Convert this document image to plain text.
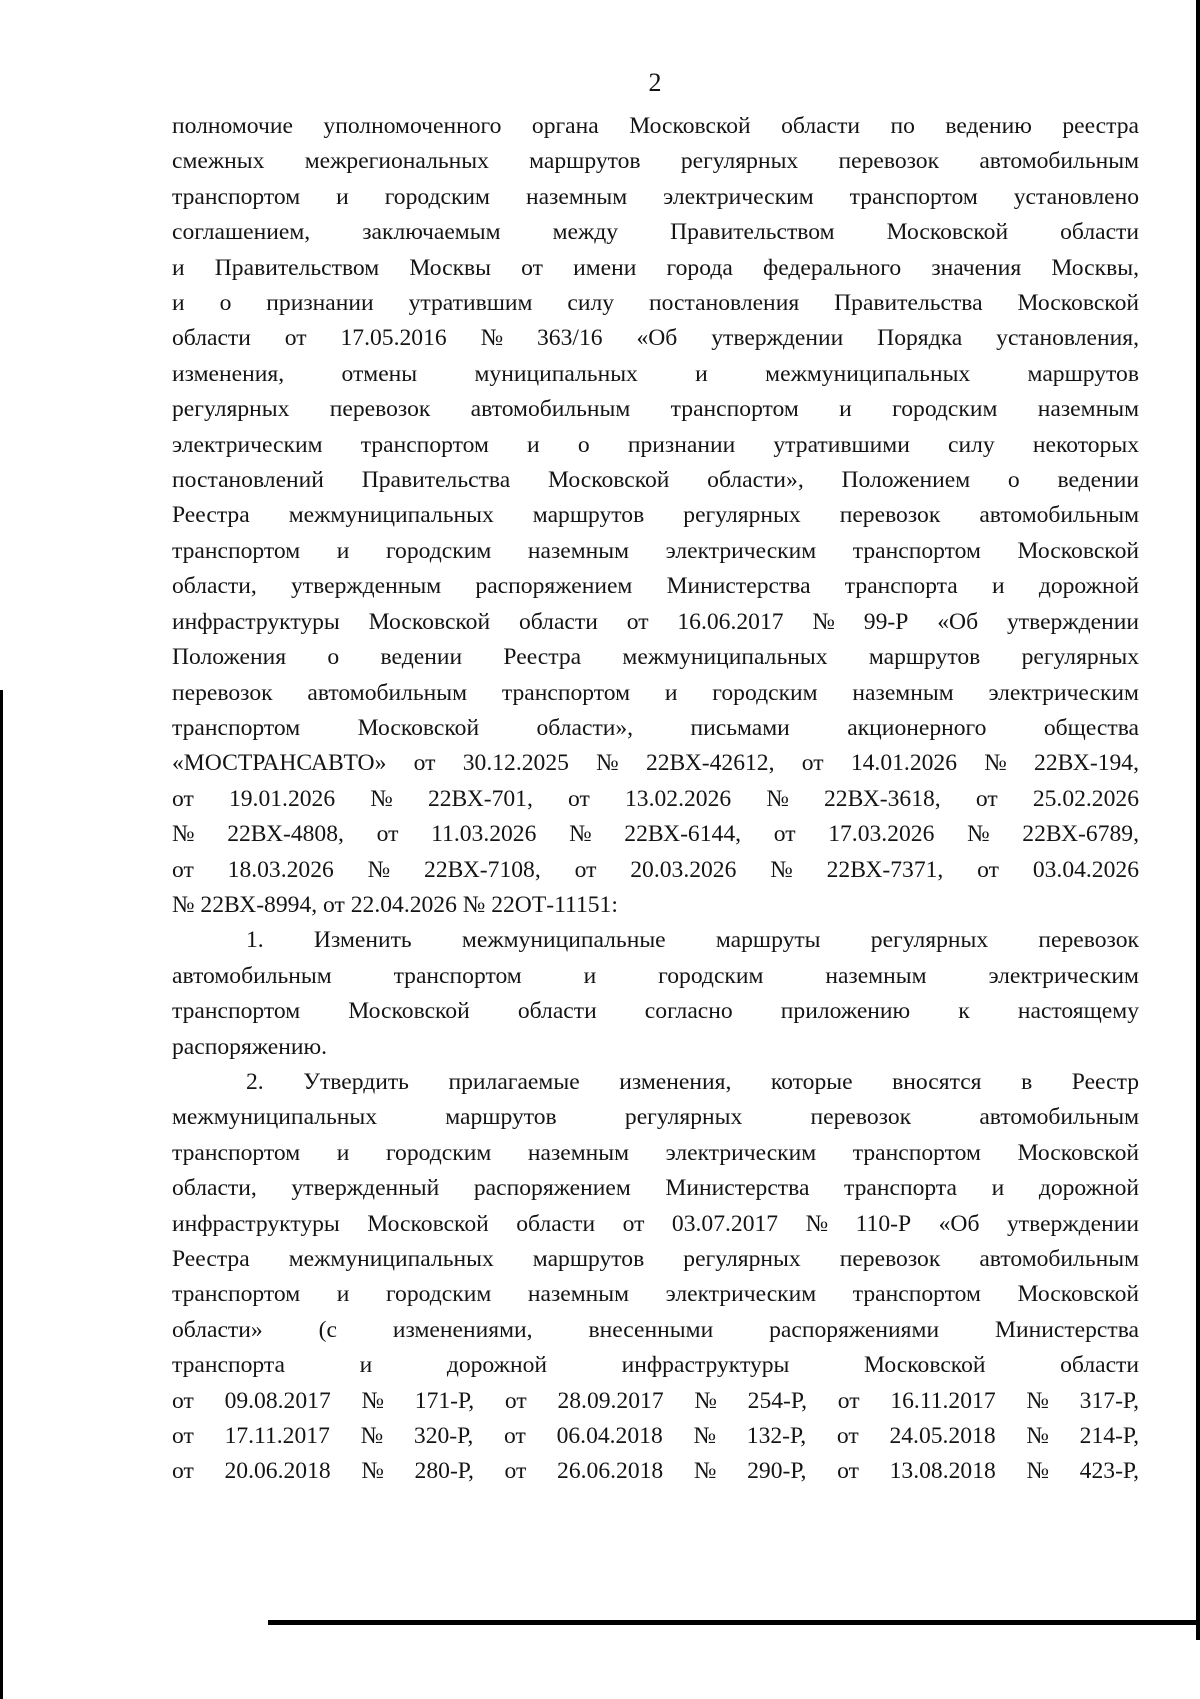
2
полномочие уполномоченного органа Московской области по ведению реестра
смежных межрегиональных маршрутов регулярных перевозок автомобильным
транспортом и городским наземным электрическим транспортом установлено
соглашением, заключаемым между Правительством Московской области
и Правительством Москвы от имени города федерального значения Москвы,
и о признании утратившим силу постановления Правительства Московской
области от 17.05.2016 № 363/16 «Об утверждении Порядка установления,
изменения, отмены муниципальных и межмуниципальных маршрутов
регулярных перевозок автомобильным транспортом и городским наземным
электрическим транспортом и о признании утратившими силу некоторых
постановлений Правительства Московской области», Положением о ведении
Реестра межмуниципальных маршрутов регулярных перевозок автомобильным
транспортом и городским наземным электрическим транспортом Московской
области, утвержденным распоряжением Министерства транспорта и дорожной
инфраструктуры Московской области от 16.06.2017 № 99-Р «Об утверждении
Положения о ведении Реестра межмуниципальных маршрутов регулярных
перевозок автомобильным транспортом и городским наземным электрическим
транспортом Московской области», письмами акционерного общества
«МОСТРАНСАВТО» от 30.12.2025 № 22ВХ-42612, от 14.01.2026 № 22ВХ-194,
от 19.01.2026 № 22ВХ-701, от 13.02.2026 № 22ВХ-3618, от 25.02.2026
№ 22ВХ-4808, от 11.03.2026 № 22ВХ-6144, от 17.03.2026 № 22ВХ-6789,
от 18.03.2026 № 22ВХ-7108, от 20.03.2026 № 22ВХ-7371, от 03.04.2026
№ 22ВХ-8994, от 22.04.2026 № 22ОТ-11151:
1. Изменить межмуниципальные маршруты регулярных перевозок
автомобильным транспортом и городским наземным электрическим
транспортом Московской области согласно приложению к настоящему
распоряжению.
2. Утвердить прилагаемые изменения, которые вносятся в Реестр
межмуниципальных маршрутов регулярных перевозок автомобильным
транспортом и городским наземным электрическим транспортом Московской
области, утвержденный распоряжением Министерства транспорта и дорожной
инфраструктуры Московской области от 03.07.2017 № 110-Р «Об утверждении
Реестра межмуниципальных маршрутов регулярных перевозок автомобильным
транспортом и городским наземным электрическим транспортом Московской
области» (с изменениями, внесенными распоряжениями Министерства
транспорта и дорожной инфраструктуры Московской области
от 09.08.2017 № 171-Р, от 28.09.2017 № 254-Р, от 16.11.2017 № 317-Р,
от 17.11.2017 № 320-Р, от 06.04.2018 № 132-Р, от 24.05.2018 № 214-Р,
от 20.06.2018 № 280-Р, от 26.06.2018 № 290-Р, от 13.08.2018 № 423-Р,
